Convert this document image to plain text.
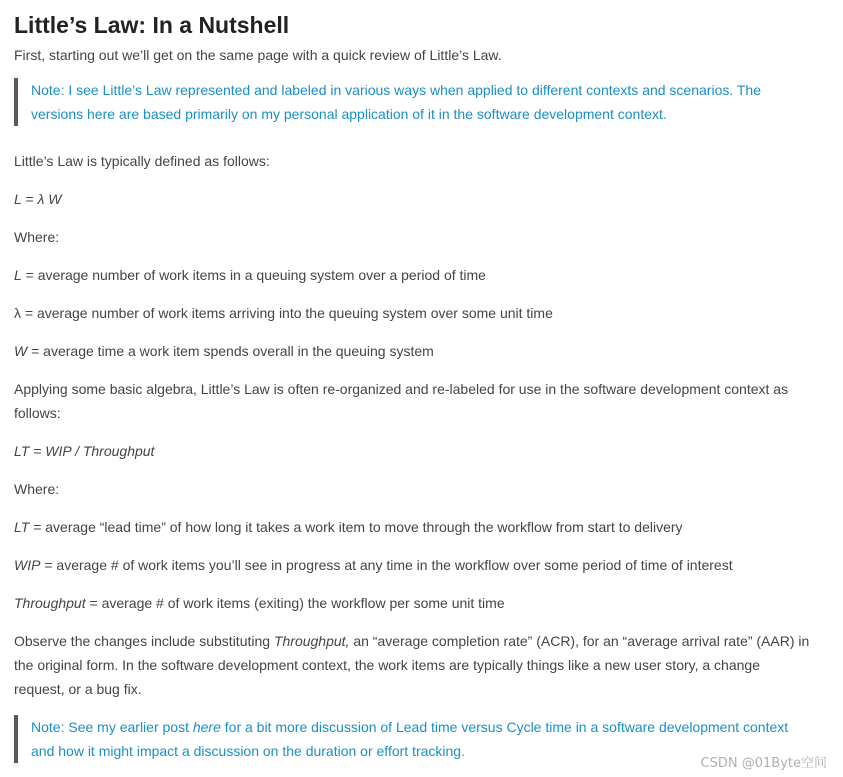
Little’s Law: In a Nutshell

First, starting out we’ll get on the same page with a quick review of Little’s Law.

Note: I see Little’s Law represented and labeled in various ways when applied to different contexts and scenarios. The versions here are based primarily on my personal application of it in the software development context.

Little’s Law is typically defined as follows:

L = λ W

Where:

L = average number of work items in a queuing system over a period of time

λ = average number of work items arriving into the queuing system over some unit time

W = average time a work item spends overall in the queuing system

Applying some basic algebra, Little’s Law is often re-organized and re-labeled for use in the software development context as follows:

LT = WIP / Throughput

Where:

LT = average “lead time” of how long it takes a work item to move through the workflow from start to delivery

WIP = average # of work items you’ll see in progress at any time in the workflow over some period of time of interest

Throughput = average # of work items (exiting) the workflow per some unit time

Observe the changes include substituting Throughput, an “average completion rate” (ACR), for an “average arrival rate” (AAR) in the original form. In the software development context, the work items are typically things like a new user story, a change request, or a bug fix.

Note: See my earlier post here for a bit more discussion of Lead time versus Cycle time in a software development context and how it might impact a discussion on the duration or effort tracking.
CSDN @01Byte空间
